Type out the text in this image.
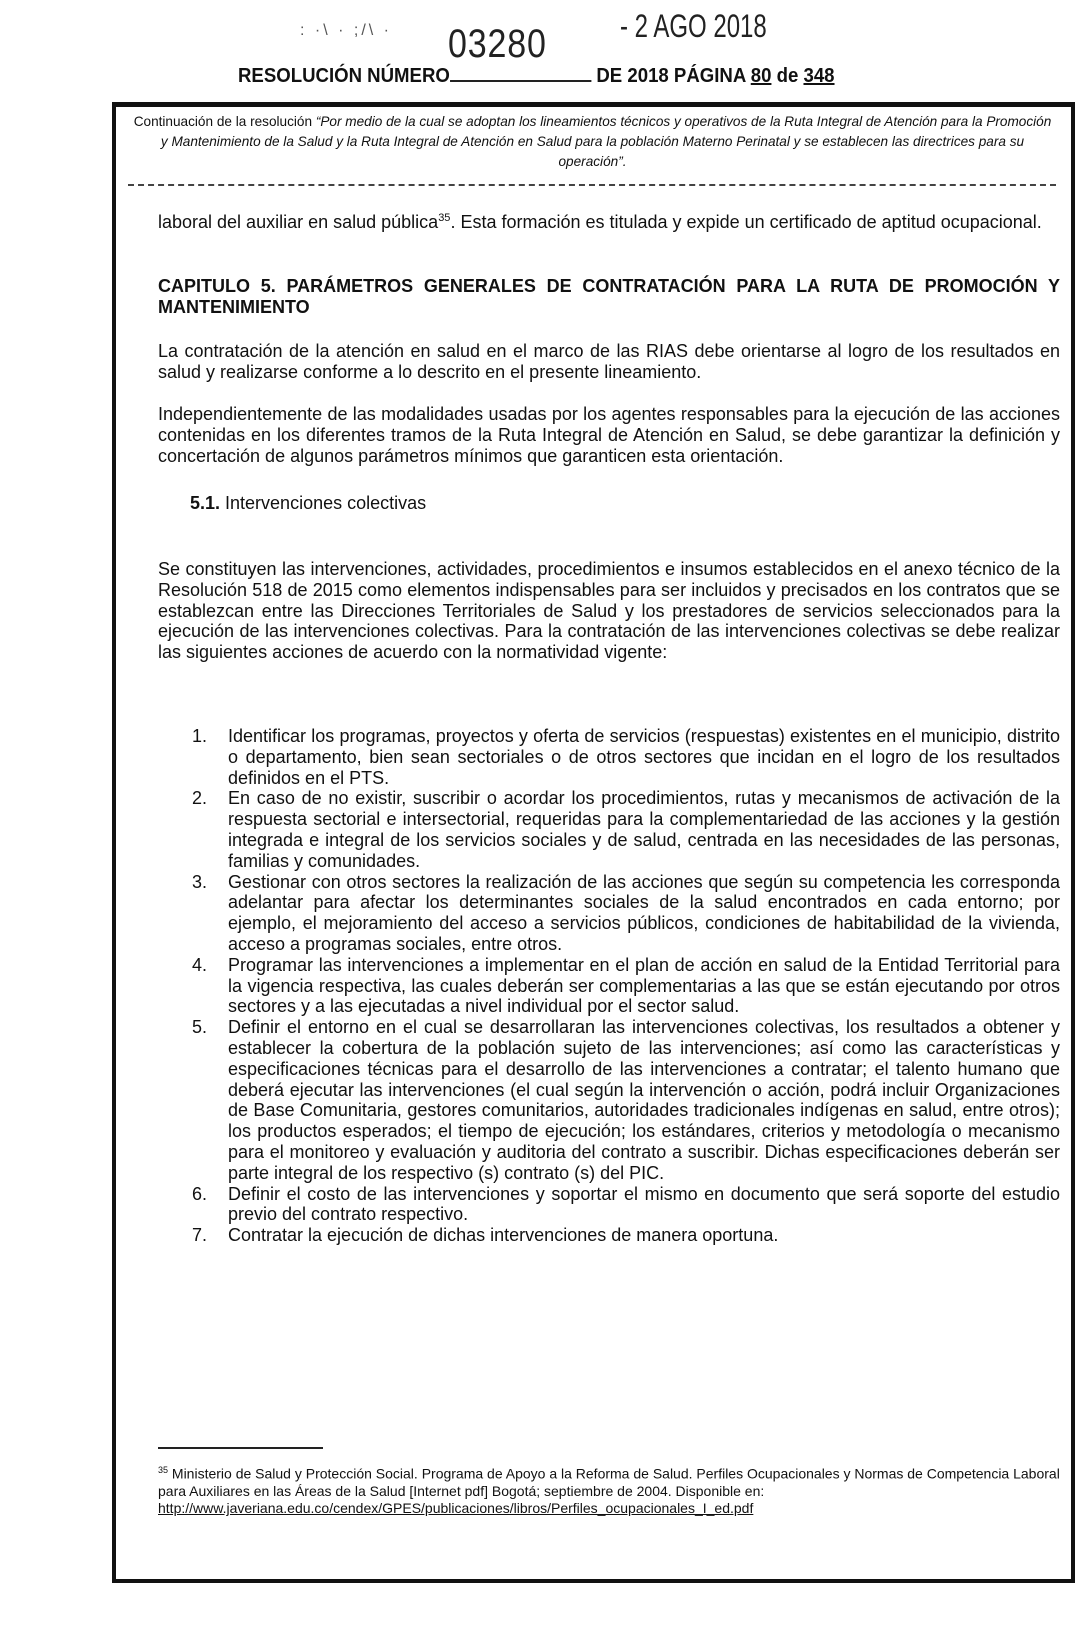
: ·\ · ;/\ · 03280 - 2 AGO 2018
RESOLUCIÓN NÚMERO	DE 2018 PÁGINA 80 de 348
Continuación de la resolución “Por medio de la cual se adoptan los lineamientos técnicos y operativos de la Ruta Integral de Atención para la Promoción y Mantenimiento de la Salud y la Ruta Integral de Atención en Salud para la población Materno Perinatal y se establecen las directrices para su operación”.
laboral del auxiliar en salud pública$^{35}$. Esta formación es titulada y expide un certificado de aptitud ocupacional.
CAPITULO 5. PARÁMETROS GENERALES DE CONTRATACIÓN PARA LA RUTA DE PROMOCIÓN Y MANTENIMIENTO
La contratación de la atención en salud en el marco de las RIAS debe orientarse al logro de los resultados en salud y realizarse conforme a lo descrito en el presente lineamiento.
Independientemente de las modalidades usadas por los agentes responsables para la ejecución de las acciones contenidas en los diferentes tramos de la Ruta Integral de Atención en Salud, se debe garantizar la definición y concertación de algunos parámetros mínimos que garanticen esta orientación.
5.1. Intervenciones colectivas
Se constituyen las intervenciones, actividades, procedimientos e insumos establecidos en el anexo técnico de la Resolución 518 de 2015 como elementos indispensables para ser incluidos y precisados en los contratos que se establezcan entre las Direcciones Territoriales de Salud y los prestadores de servicios seleccionados para la ejecución de las intervenciones colectivas. Para la contratación de las intervenciones colectivas se debe realizar las siguientes acciones de acuerdo con la normatividad vigente:
1.	Identificar los programas, proyectos y oferta de servicios (respuestas) existentes en el municipio, distrito o departamento, bien sean sectoriales o de otros sectores que incidan en el logro de los resultados definidos en el PTS.
2.	En caso de no existir, suscribir o acordar los procedimientos, rutas y mecanismos de activación de la respuesta sectorial e intersectorial, requeridas para la complementariedad de las acciones y la gestión integrada e integral de los servicios sociales y de salud, centrada en las necesidades de las personas, familias y comunidades.
3.	Gestionar con otros sectores la realización de las acciones que según su competencia les corresponda adelantar para afectar los determinantes sociales de la salud encontrados en cada entorno; por ejemplo, el mejoramiento del acceso a servicios públicos, condiciones de habitabilidad de la vivienda, acceso a programas sociales, entre otros.
4.	Programar las intervenciones a implementar en el plan de acción en salud de la Entidad Territorial para la vigencia respectiva, las cuales deberán ser complementarias a las que se están ejecutando por otros sectores y a las ejecutadas a nivel individual por el sector salud.
5.	Definir el entorno en el cual se desarrollaran las intervenciones colectivas, los resultados a obtener y establecer la cobertura de la población sujeto de las intervenciones; así como las características y especificaciones técnicas para el desarrollo de las intervenciones a contratar; el talento humano que deberá ejecutar las intervenciones (el cual según la intervención o acción, podrá incluir Organizaciones de Base Comunitaria, gestores comunitarios, autoridades tradicionales indígenas en salud, entre otros); los productos esperados; el tiempo de ejecución; los estándares, criterios y metodología o mecanismo para el monitoreo y evaluación y auditoria del contrato a suscribir. Dichas especificaciones deberán ser parte integral de los respectivo (s) contrato (s) del PIC.
6.	Definir el costo de las intervenciones y soportar el mismo en documento que será soporte del estudio previo del contrato respectivo.
7.	Contratar la ejecución de dichas intervenciones de manera oportuna.
$^{35}$ Ministerio de Salud y Protección Social. Programa de Apoyo a la Reforma de Salud. Perfiles Ocupacionales y Normas de Competencia Laboral para Auxiliares en las Áreas de la Salud [Internet pdf] Bogotá; septiembre de 2004. Disponible en:
http://www.javeriana.edu.co/cendex/GPES/publicaciones/libros/Perfiles_ocupacionales_I_ed.pdf
